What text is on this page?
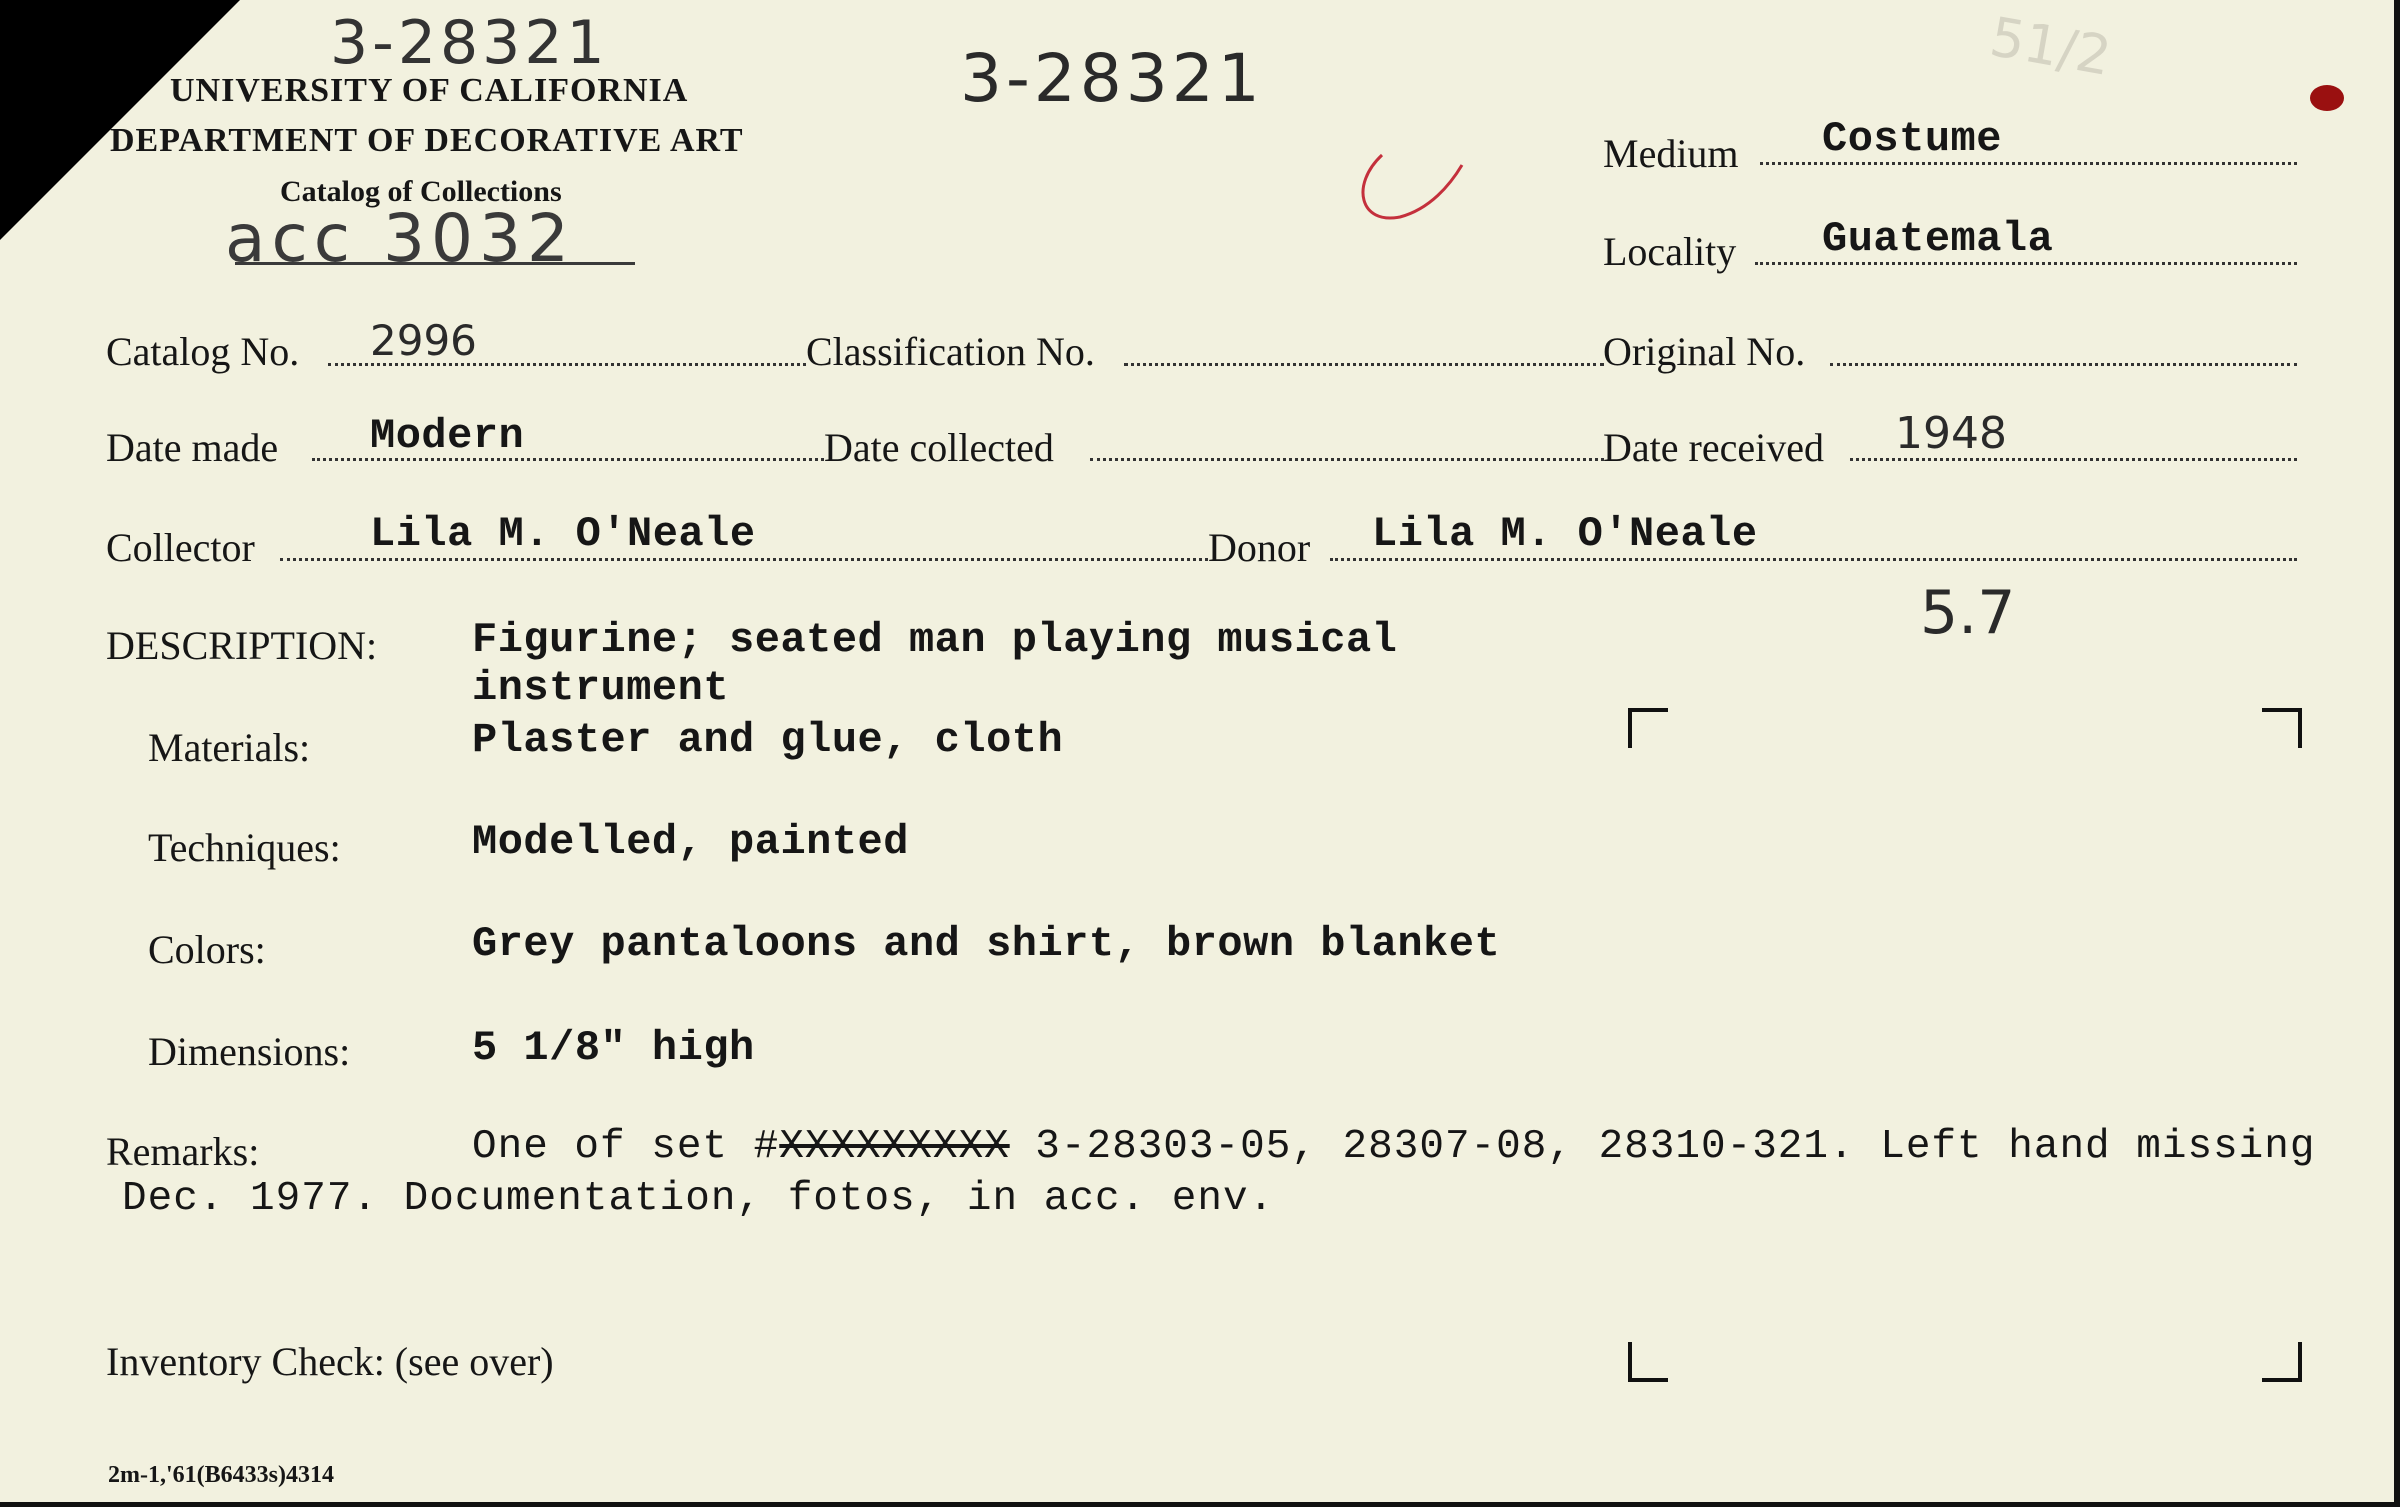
3-28321
UNIVERSITY OF CALIFORNIA
DEPARTMENT OF DECORATIVE ART
Catalog of Collections
acc 3032
3-28321	51/2
Medium Costume
Locality Guatemala
Catalog No. 2996	Classification No.	Original No.
Date made Modern	Date collected	Date received 1948
Collector	Lila M. O'Neale	Donor Lila M. O'Neale
5.7
DESCRIPTION: Figurine; seated man playing musical
instrument
Materials:	Plaster and glue, cloth
Techniques:	Modelled, painted
Colors:	Grey pantaloons and shirt, brown blanket
Dimensions:	5 1/8" high
Remarks:	One of set #XXXXXXXXX 3-28303-05, 28307-08, 28310-321. Left hand missing
Dec. 1977. Documentation, fotos, in acc. env.
Inventory Check: (see over)
2m-1,'61(B6433s)4314
